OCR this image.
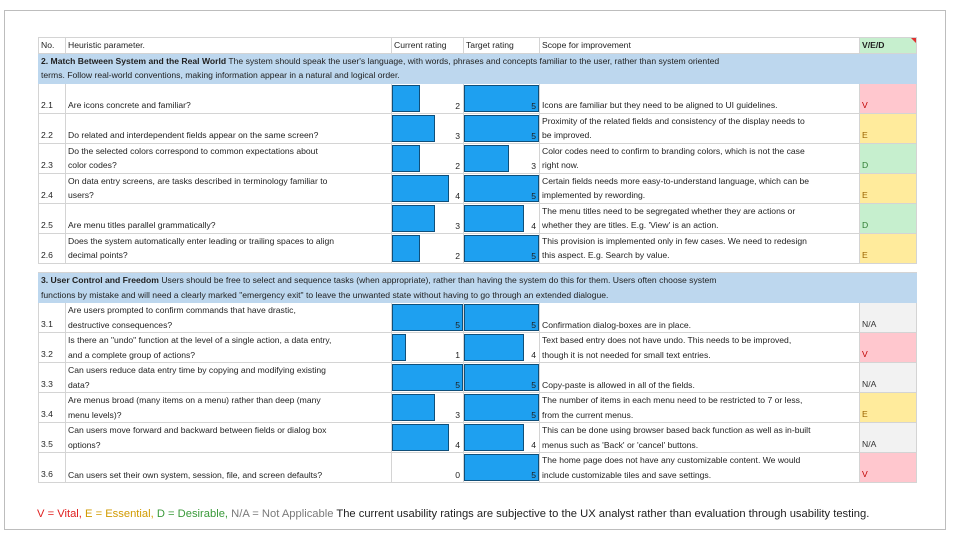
No.	Heuristic parameter.	Current rating	Target rating	Scope for improvement	V/E/D

2. Match Between System and the Real World The system should speak the user's language, with words, phrases and concepts familiar to the user, rather than system oriented
terms. Follow real-world conventions, making information appear in a natural and logical order.					
2.1	Are icons concrete and familiar?	2	5	Icons are familiar but they need to be aligned to UI guidelines.	V
2.2	Do related and interdependent fields appear on the same screen?	3	5	Proximity of the related fields and consistency of the display needs to
be improved.	E
2.3	Do the selected colors correspond to common expectations about
color codes?	2	3	Color codes need to confirm to branding colors, which is not the case
right now.	D
2.4	On data entry screens, are tasks described in terminology familiar to
users?	4	5	Certain fields needs more easy-to-understand language, which can be
implemented by rewording.	E
2.5	Are menu titles parallel grammatically?	3	4	The menu titles need to be segregated whether they are actions or
whether they are titles. E.g. 'View' is an action.	D
2.6	Does the system automatically enter leading or trailing spaces to align
decimal points?	2	5	This provision is implemented only in few cases. We need to redesign
this aspect. E.g. Search by value.	E

3. User Control and Freedom Users should be free to select and sequence tasks (when appropriate), rather than having the system do this for them. Users often choose system
functions by mistake and will need a clearly marked "emergency exit" to leave the unwanted state without having to go through an extended dialogue.					
3.1	Are users prompted to confirm commands that have drastic,
destructive consequences?	5	5	Confirmation dialog-boxes are in place.	N/A
3.2	Is there an "undo" function at the level of a single action, a data entry,
and a complete group of actions?	1	4	Text based entry does not have undo. This needs to be improved,
though it is not needed for small text entries.	V
3.3	Can users reduce data entry time by copying and modifying existing
data?	5	5	Copy-paste is allowed in all of the fields.	N/A
3.4	Are menus broad (many items on a menu) rather than deep (many
menu levels)?	3	5	The number of items in each menu need to be restricted to 7 or less,
from the current menus.	E
3.5	Can users move forward and backward between fields or dialog box
options?	4	4	This can be done using browser based back function as well as in-built
menus such as 'Back' or 'cancel' buttons.	N/A
3.6	Can users set their own system, session, file, and screen defaults?	0	5	The home page does not have any customizable content. We would
include customizable tiles and save settings.	V
V = Vital, E = Essential, D = Desirable, N/A = Not Applicable The current usability ratings are subjective to the UX analyst rather than evaluation through usability testing.
